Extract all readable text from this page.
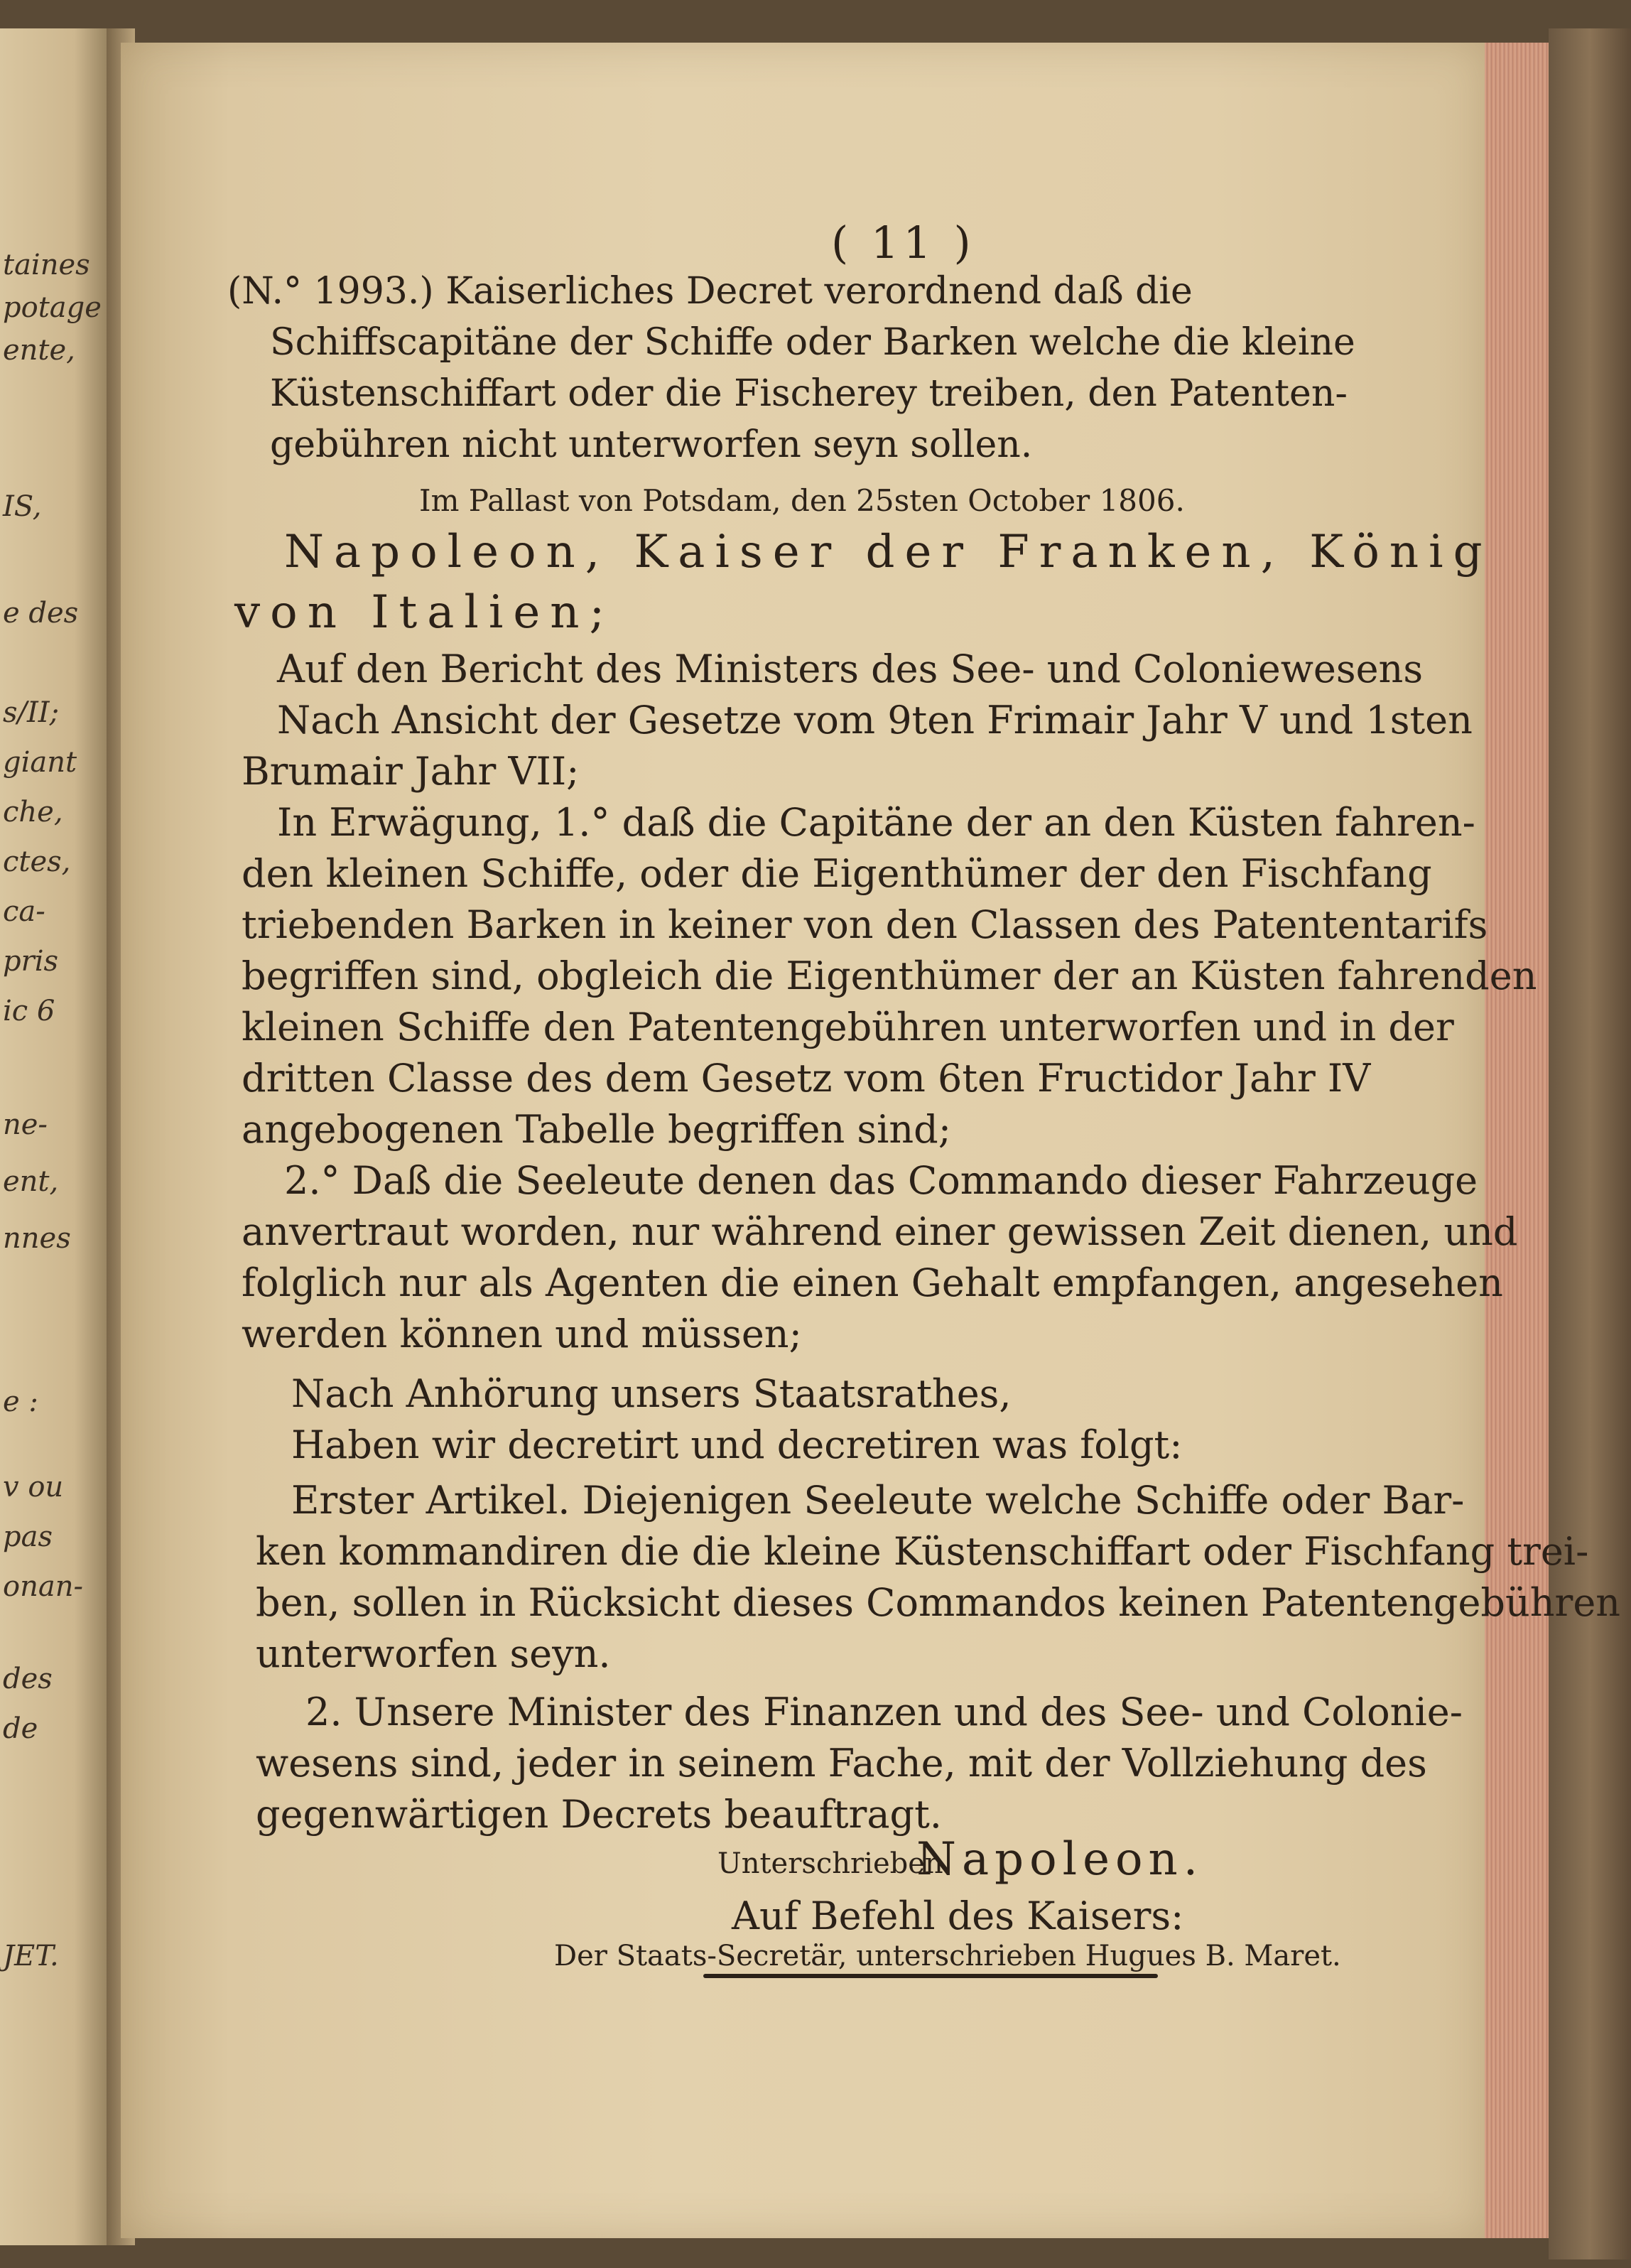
taines
potage
ente,
IS,
e des
s/II;
giant
che,
ctes,
ca-
pris
ic 6
ne-
ent,
nnes
e :
v ou
pas
onan-
des
de
JET.
( 11 )
(N.° 1993.) Kaiserliches Decret verordnend daß die
Schiffscapitäne der Schiffe oder Barken welche die kleine
Küstenschiffart oder die Fischerey treiben, den Patenten-
gebühren nicht unterworfen seyn sollen.
Im Pallast von Potsdam, den 25sten October 1806.
Napoleon, Kaiser der Franken, König
von Italien;
Auf den Bericht des Ministers des See- und Coloniewesens
Nach Ansicht der Gesetze vom 9ten Frimair Jahr V und 1sten
Brumair Jahr VII;
In Erwägung, 1.° daß die Capitäne der an den Küsten fahren-
den kleinen Schiffe, oder die Eigenthümer der den Fischfang
triebenden Barken in keiner von den Classen des Patententarifs
begriffen sind, obgleich die Eigenthümer der an Küsten fahrenden
kleinen Schiffe den Patentengebühren unterworfen und in der
dritten Classe des dem Gesetz vom 6ten Fructidor Jahr IV
angebogenen Tabelle begriffen sind;
2.° Daß die Seeleute denen das Commando dieser Fahrzeuge
anvertraut worden, nur während einer gewissen Zeit dienen, und
folglich nur als Agenten die einen Gehalt empfangen, angesehen
werden können und müssen;
Nach Anhörung unsers Staatsrathes,
Haben wir decretirt und decretiren was folgt:
Erster Artikel. Diejenigen Seeleute welche Schiffe oder Bar-
ken kommandiren die die kleine Küstenschiffart oder Fischfang trei-
ben, sollen in Rücksicht dieses Commandos keinen Patentengebühren
unterworfen seyn.
2. Unsere Minister des Finanzen und des See- und Colonie-
wesens sind, jeder in seinem Fache, mit der Vollziehung des
gegenwärtigen Decrets beauftragt.
Unterschrieben
Napoleon.
Auf Befehl des Kaisers:
Der Staats-Secretär, unterschrieben Hugues B. Maret.
